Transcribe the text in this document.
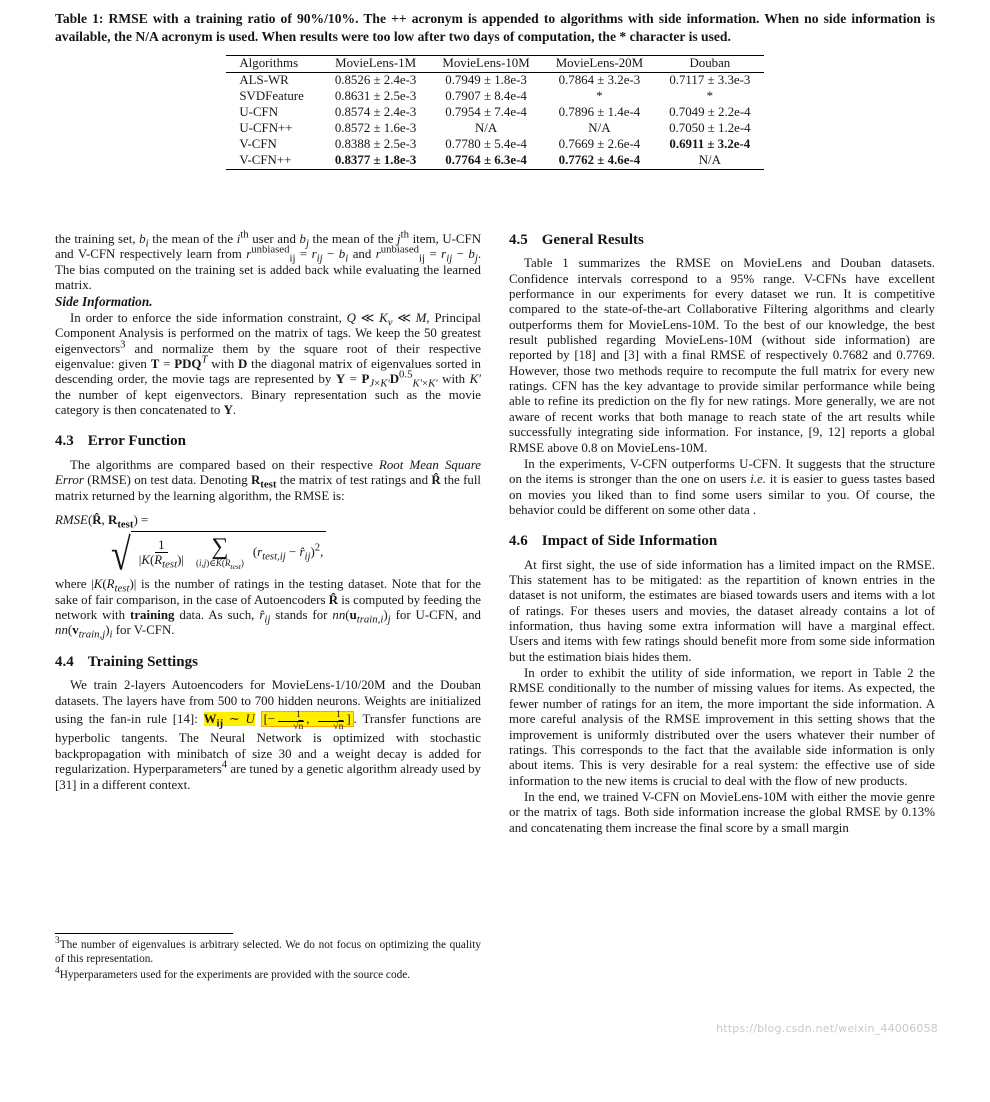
Table 1: RMSE with a training ratio of 90%/10%. The ++ acronym is appended to algorithms with side information. When no side information is available, the N/A acronym is used. When results were too low after two days of computation, the * character is used.
Algorithms	MovieLens-1M	MovieLens-10M	MovieLens-20M	Douban
ALS-WR	0.8526 ± 2.4e-3	0.7949 ± 1.8e-3	0.7864 ± 3.2e-3	0.7117 ± 3.3e-3
SVDFeature	0.8631 ± 2.5e-3	0.7907 ± 8.4e-4	*	*
U-CFN	0.8574 ± 2.4e-3	0.7954 ± 7.4e-4	0.7896 ± 1.4e-4	0.7049 ± 2.2e-4
U-CFN++	0.8572 ± 1.6e-3	N/A	N/A	0.7050 ± 1.2e-4
V-CFN	0.8388 ± 2.5e-3	0.7780 ± 5.4e-4	0.7669 ± 2.6e-4	0.6911 ± 3.2e-4
V-CFN++	0.8377 ± 1.8e-3	0.7764 ± 6.3e-4	0.7762 ± 4.6e-4	N/A

the training set, $b_i$ the mean of the $i^{th}$ user and $b_j$ the mean of the $j^{th}$ item, U-CFN and V-CFN respectively learn from $r^{unbiased}_{ij} = r_{ij} - b_i$ and $r^{unbiased}_{ij} = r_{ij} - b_j$. The bias computed on the training set is added back while evaluating the learned matrix.

Side Information.

In order to enforce the side information constraint, Q ≪ $K_v$ ≪ M, Principal Component Analysis is performed on the matrix of tags. We keep the 50 greatest eigenvectors$^3$ and normalize them by the square root of their respective eigenvalue: given $T = PDQ^T$ with D the diagonal matrix of eigenvalues sorted in descending order, the movie tags are represented by $Y = P_{J\times K'}D^{0.5}_{K'\times K'}$ with K′ the number of kept eigenvectors. Binary representation such as the movie category is then concatenated to Y.

4.3 Error Function

The algorithms are compared based on their respective Root Mean Square Error (RMSE) on test data. Denoting $R_{test}$ the matrix of test ratings and R̂ the full matrix returned by the learning algorithm, the RMSE is:

RMSE(R̂, $R_{test}$) =
√ $\frac{1}{|K(R_{test})|}$ ∑
$(i,j)\in K(R_{test})$
($r_{test,ij}$ − $r̂_{ij})^2$,

where $|K(R_{test})|$ is the number of ratings in the testing dataset. Note that for the sake of fair comparison, in the case of Autoencoders R̂ is computed by feeding the network with training data. As such, $r̂_{ij}$ stands for $nn(u_{train,i})_j$ for U-CFN, and $nn(v_{train,j})_i$ for V-CFN.

4.4 Training Settings

We train 2-layers Autoencoders for MovieLens-1/10/20M and the Douban datasets. The layers have from 500 to 700 hidden neurons. Weights are initialized using the fan-in rule [14]: $W_{ij}$ ∼ U [− $\frac{1}{√n}$ , $\frac{1}{√n}$ ] . Transfer functions are hyperbolic tangents. The Neural Network is optimized with stochastic backpropagation with minibatch of size 30 and a weight decay is added for regularization. Hyperparameters$^4$ are tuned by a genetic algorithm already used by [31] in a different context.

4.5 General Results

Table 1 summarizes the RMSE on MovieLens and Douban datasets. Confidence intervals correspond to a 95% range. V-CFNs have excellent performance in our experiments for every dataset we run. It is competitive compared to the state-of-the-art Collaborative Filtering algorithms and clearly outperforms them for MovieLens-10M. To the best of our knowledge, the best result published regarding MovieLens-10M (without side information) are reported by [18] and [3] with a final RMSE of respectively 0.7682 and 0.7769. However, those two methods require to recompute the full matrix for every new ratings. CFN has the key advantage to provide similar performance while being able to refine its prediction on the fly for new ratings. More generally, we are not aware of recent works that both manage to reach state of the art results while successfully integrating side information. For instance, [9, 12] reports a global RMSE above 0.8 on MovieLens-10M.

In the experiments, V-CFN outperforms U-CFN. It suggests that the structure on the items is stronger than the one on users i.e. it is easier to guess tastes based on movies you liked than to find some users similar to you. Of course, the behavior could be different on some other data .

4.6 Impact of Side Information

At first sight, the use of side information has a limited impact on the RMSE. This statement has to be mitigated: as the repartition of known entries in the dataset is not uniform, the estimates are biased towards users and items with a lot of ratings. For theses users and movies, the dataset already contains a lot of information, thus having some extra information will have a marginal effect. Users and items with few ratings should benefit more from some side information but the estimation biais hides them.

In order to exhibit the utility of side information, we report in Table 2 the RMSE conditionally to the number of missing values for items. As expected, the fewer number of ratings for an item, the more important the side information. A more careful analysis of the RMSE improvement in this setting shows that the improvement is uniformly distributed over the users whatever their number of ratings. This corresponds to the fact that the available side information is only about items. This is very desirable for a real system: the effective use of side information to the new items is crucial to deal with the flow of new products.

In the end, we trained V-CFN on MovieLens-10M with either the movie genre or the matrix of tags. Both side information increase the global RMSE by 0.13% and concatenating them increase the final score by a small margin

$^3$The number of eigenvalues is arbitrary selected. We do not focus on optimizing the quality of this representation.

$^4$Hyperparameters used for the experiments are provided with the source code.

https://blog.csdn.net/weixin_44006058
